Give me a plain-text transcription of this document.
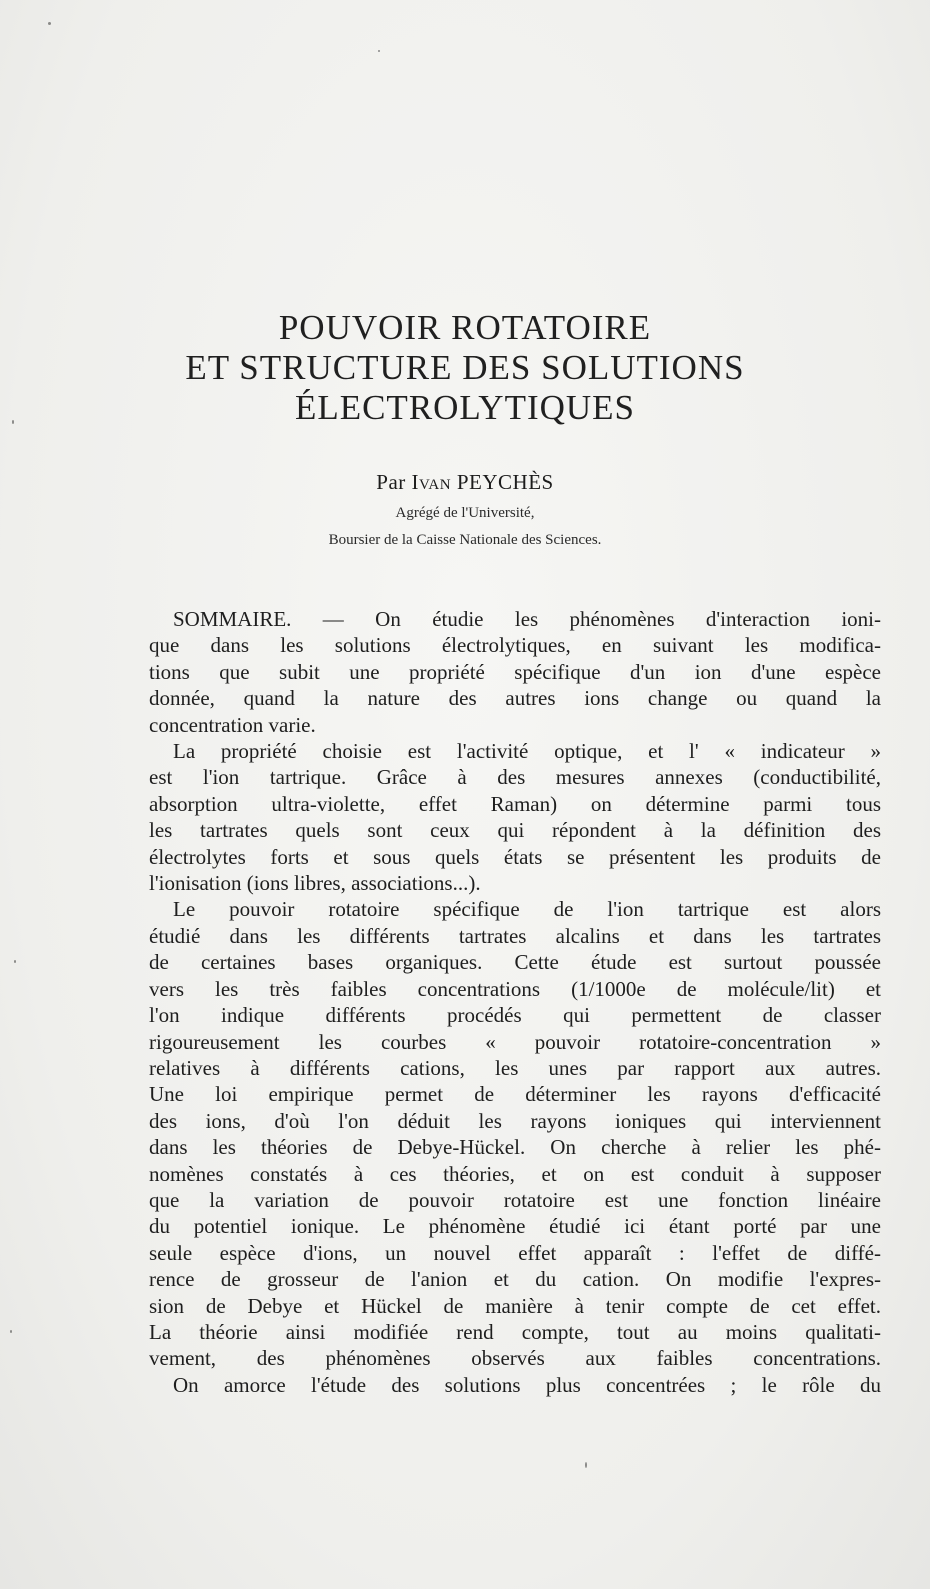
POUVOIR ROTATOIRE
ET STRUCTURE DES SOLUTIONS
ÉLECTROLYTIQUES
Par Ivan PEYCHÈS
Agrégé de l'Université,
Boursier de la Caisse Nationale des Sciences.
SOMMAIRE. — On étudie les phénomènes d'interaction ioni-
que dans les solutions électrolytiques, en suivant les modifica-
tions que subit une propriété spécifique d'un ion d'une espèce
donnée, quand la nature des autres ions change ou quand la
concentration varie.
La propriété choisie est l'activité optique, et l' « indicateur »
est l'ion tartrique. Grâce à des mesures annexes (conductibilité,
absorption ultra-violette, effet Raman) on détermine parmi tous
les tartrates quels sont ceux qui répondent à la définition des
électrolytes forts et sous quels états se présentent les produits de
l'ionisation (ions libres, associations...).
Le pouvoir rotatoire spécifique de l'ion tartrique est alors
étudié dans les différents tartrates alcalins et dans les tartrates
de certaines bases organiques. Cette étude est surtout poussée
vers les très faibles concentrations (1/1000e de molécule/lit) et
l'on indique différents procédés qui permettent de classer
rigoureusement les courbes « pouvoir rotatoire-concentration »
relatives à différents cations, les unes par rapport aux autres.
Une loi empirique permet de déterminer les rayons d'efficacité
des ions, d'où l'on déduit les rayons ioniques qui interviennent
dans les théories de Debye-Hückel. On cherche à relier les phé-
nomènes constatés à ces théories, et on est conduit à supposer
que la variation de pouvoir rotatoire est une fonction linéaire
du potentiel ionique. Le phénomène étudié ici étant porté par une
seule espèce d'ions, un nouvel effet apparaît : l'effet de diffé-
rence de grosseur de l'anion et du cation. On modifie l'expres-
sion de Debye et Hückel de manière à tenir compte de cet effet.
La théorie ainsi modifiée rend compte, tout au moins qualitati-
vement, des phénomènes observés aux faibles concentrations.
On amorce l'étude des solutions plus concentrées ; le rôle du
